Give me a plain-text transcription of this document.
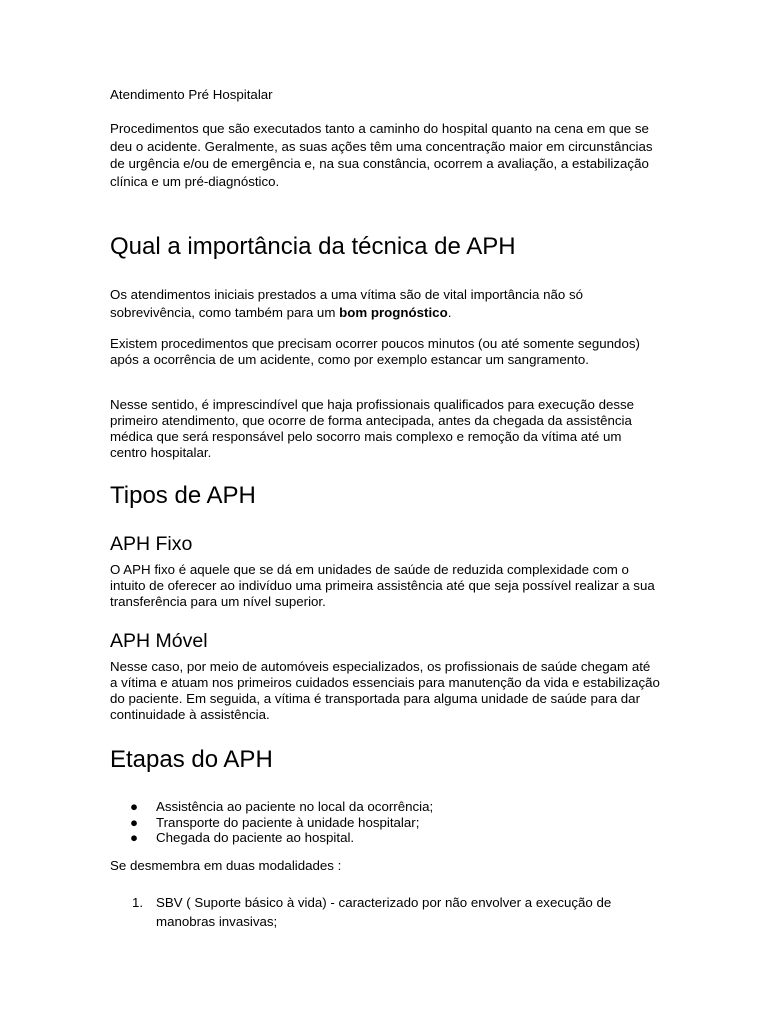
Atendimento Pré Hospitalar

Procedimentos que são executados tanto a caminho do hospital quanto na cena em que se deu o acidente. Geralmente, as suas ações têm uma concentração maior em circunstâncias de urgência e/ou de emergência e, na sua constância, ocorrem a avaliação, a estabilização clínica e um pré-diagnóstico.

Qual a importância da técnica de APH

Os atendimentos iniciais prestados a uma vítima são de vital importância não só sobrevivência, como também para um bom prognóstico.

Existem procedimentos que precisam ocorrer poucos minutos (ou até somente segundos) após a ocorrência de um acidente, como por exemplo estancar um sangramento.

Nesse sentido, é imprescindível que haja profissionais qualificados para execução desse primeiro atendimento, que ocorre de forma antecipada, antes da chegada da assistência médica que será responsável pelo socorro mais complexo e remoção da vítima até um centro hospitalar.

Tipos de APH
APH Fixo

O APH fixo é aquele que se dá em unidades de saúde de reduzida complexidade com o intuito de oferecer ao indivíduo uma primeira assistência até que seja possível realizar a sua transferência para um nível superior.

APH Móvel

Nesse caso, por meio de automóveis especializados, os profissionais de saúde chegam até a vítima e atuam nos primeiros cuidados essenciais para manutenção da vida e estabilização do paciente. Em seguida, a vítima é transportada para alguma unidade de saúde para dar continuidade à assistência.

Etapas do APH
● Assistência ao paciente no local da ocorrência;
● Transporte do paciente à unidade hospitalar;
● Chegada do paciente ao hospital.

Se desmembra em duas modalidades :

1. SBV ( Suporte básico à vida) - caracterizado por não envolver a execução de manobras invasivas;
